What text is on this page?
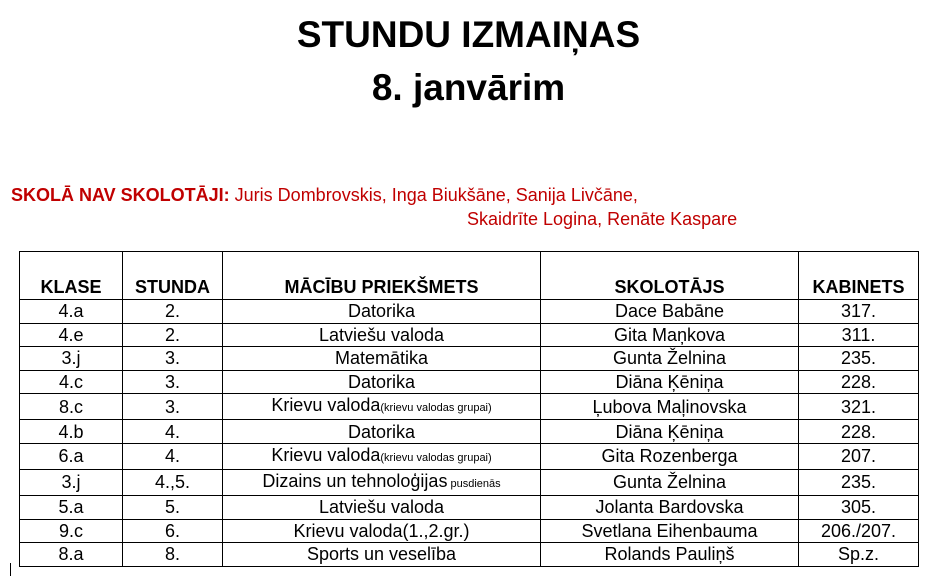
STUNDU IZMAIŅAS
8. janvārim
SKOLĀ NAV SKOLOTĀJI: Juris Dombrovskis, Inga Biukšāne, Sanija Livčāne,
Skaidrīte Logina, Renāte Kaspare
KLASE	STUNDA	MĀCĪBU PRIEKŠMETS	SKOLOTĀJS	KABINETS
4.a	2.	Datorika	Dace Babāne	317.
4.e	2.	Latviešu valoda	Gita Maņkova	311.
3.j	3.	Matemātika	Gunta Želnina	235.
4.c	3.	Datorika	Diāna Ķēniņa	228.
8.c	3.	Krievu valoda(krievu valodas grupai)	Ļubova Maļinovska	321.
4.b	4.	Datorika	Diāna Ķēniņa	228.
6.a	4.	Krievu valoda(krievu valodas grupai)	Gita Rozenberga	207.
3.j	4.,5.	Dizains un tehnoloģijas pusdienās	Gunta Želnina	235.
5.a	5.	Latviešu valoda	Jolanta Bardovska	305.
9.c	6.	Krievu valoda(1.,2.gr.)	Svetlana Eihenbauma	206./207.
8.a	8.	Sports un veselība	Rolands Pauliņš	Sp.z.
